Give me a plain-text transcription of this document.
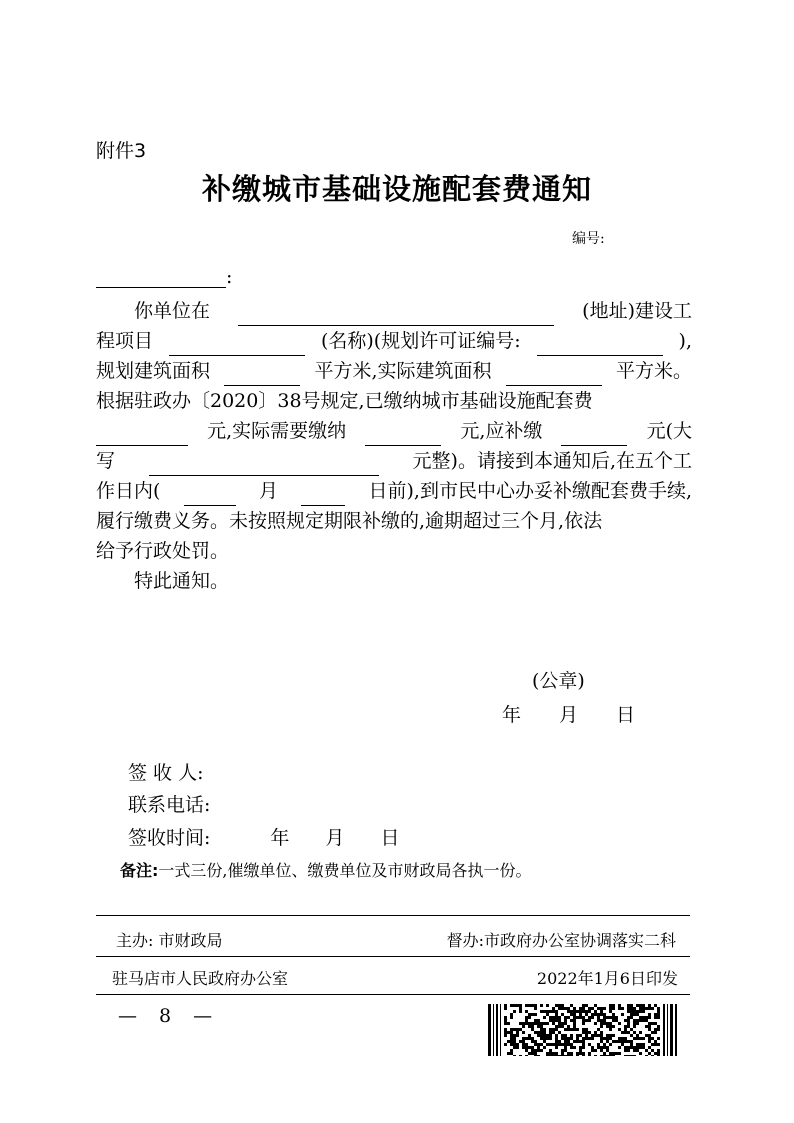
附件3
补缴城市基础设施配套费通知
编号:
:
你单位在	(地址)建设工
程项目	(名称)(规划许可证编号:	),
规划建筑面积	平方米,实际建筑面积	平方米。
根据驻政办〔2020〕38号规定,已缴纳城市基础设施配套费
元,实际需要缴纳	元,应补缴	元(大
写	元整)。请接到本通知后,在五个工
作日内(	月	日前),到市民中心办妥补缴配套费手续,
履行缴费义务。未按照规定期限补缴的,逾期超过三个月,依法
给予行政处罚。
特此通知。
(公章)
年 月 日
签 收 人:
联系电话:
签收时间:	年 月 日
备注:一式三份,催缴单位、缴费单位及市财政局各执一份。
主办: 市财政局	督办:市政府办公室协调落实二科
驻马店市人民政府办公室	2022年1月6日印发
— 8 —
